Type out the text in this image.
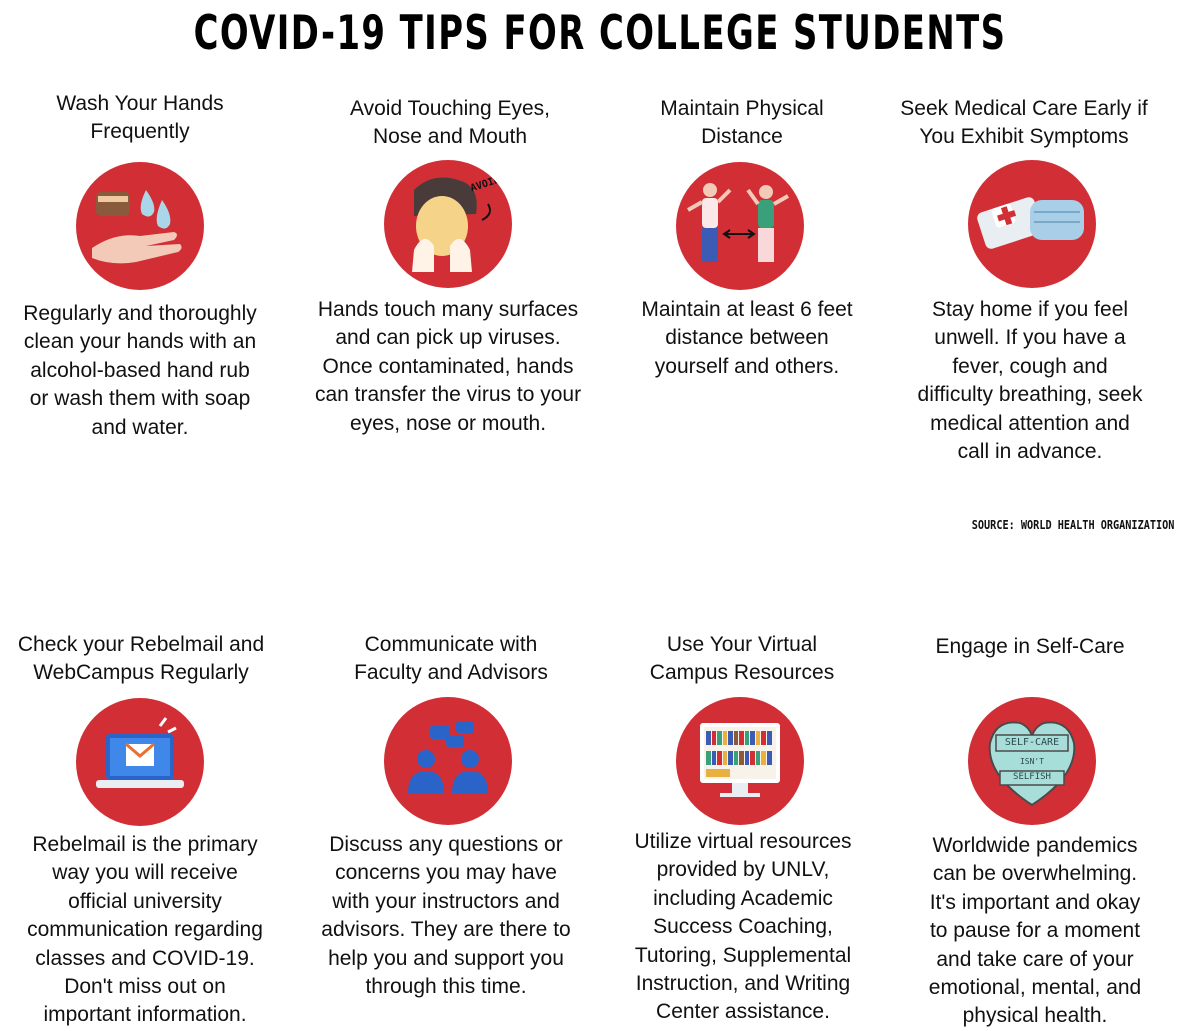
COVID-19 TIPS FOR COLLEGE STUDENTS
Wash Your Hands
Frequently
Regularly and thoroughly
clean your hands with an
alcohol-based hand rub
or wash them with soap
and water.
Avoid Touching Eyes,
Nose and Mouth
AVOID!
Hands touch many surfaces
and can pick up viruses.
Once contaminated, hands
can transfer the virus to your
eyes, nose or mouth.
Maintain Physical
Distance
Maintain at least 6 feet
distance between
yourself and others.
Seek Medical Care Early if
You Exhibit Symptoms
Stay home if you feel
unwell. If you have a
fever, cough and
difficulty breathing, seek
medical attention and
call in advance.
SOURCE: WORLD HEALTH ORGANIZATION
Check your Rebelmail and
WebCampus Regularly
Rebelmail is the primary
way you will receive
official university
communication regarding
classes and COVID-19.
Don't miss out on
important information.
Communicate with
Faculty and Advisors
Discuss any questions or
concerns you may have
with your instructors and
advisors. They are there to
help you and support you
through this time.
Use Your Virtual
Campus Resources
Utilize virtual resources
provided by UNLV,
including Academic
Success Coaching,
Tutoring, Supplemental
Instruction, and Writing
Center assistance.
Engage in Self-Care
SELF-CARE
ISN'T
SELFISH
Worldwide pandemics
can be overwhelming.
It's important and okay
to pause for a moment
and take care of your
emotional, mental, and
physical health.
